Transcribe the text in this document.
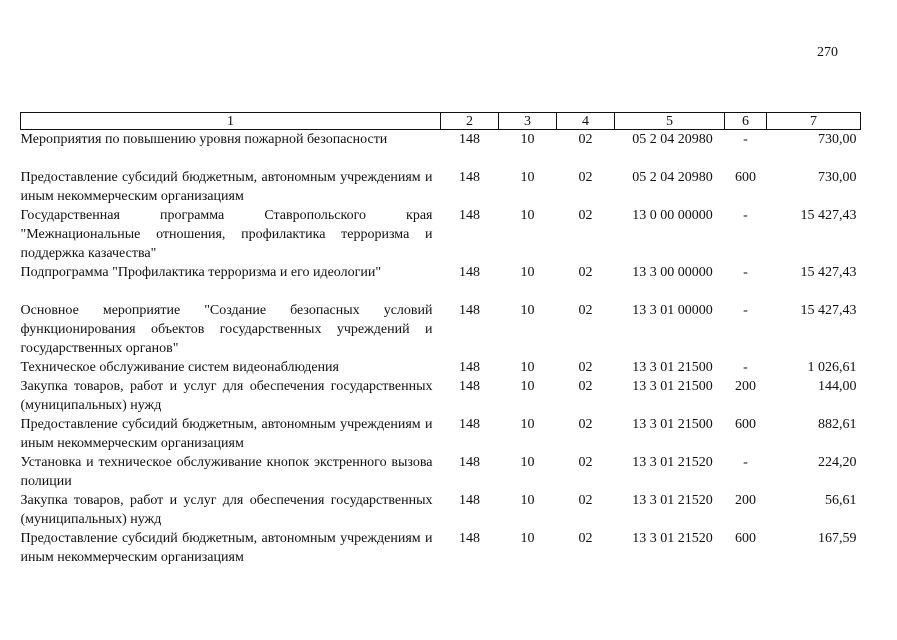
270
1	2	3	4	5	6	7
Мероприятия по повышению уровня пожарной безопасности	148	10	02	05 2 04 20980	-	730,00
Предоставление субсидий бюджетным, автономным учреждениям и иным некоммерческим организациям	148	10	02	05 2 04 20980	600	730,00
Государственная программа Ставропольского края "Межнациональные отношения, профилактика терроризма и поддержка казачества"	148	10	02	13 0 00 00000	-	15 427,43
Подпрограмма "Профилактика терроризма и его идеологии"	148	10	02	13 3 00 00000	-	15 427,43
Основное мероприятие "Создание безопасных условий функционирования объектов государственных учреждений и государственных органов"	148	10	02	13 3 01 00000	-	15 427,43
Техническое обслуживание систем видеонаблюдения	148	10	02	13 3 01 21500	-	1 026,61
Закупка товаров, работ и услуг для обеспечения государственных (муниципальных) нужд	148	10	02	13 3 01 21500	200	144,00
Предоставление субсидий бюджетным, автономным учреждениям и иным некоммерческим организациям	148	10	02	13 3 01 21500	600	882,61
Установка и техническое обслуживание кнопок экстренного вызова полиции	148	10	02	13 3 01 21520	-	224,20
Закупка товаров, работ и услуг для обеспечения государственных (муниципальных) нужд	148	10	02	13 3 01 21520	200	56,61
Предоставление субсидий бюджетным, автономным учреждениям и иным некоммерческим организациям	148	10	02	13 3 01 21520	600	167,59
